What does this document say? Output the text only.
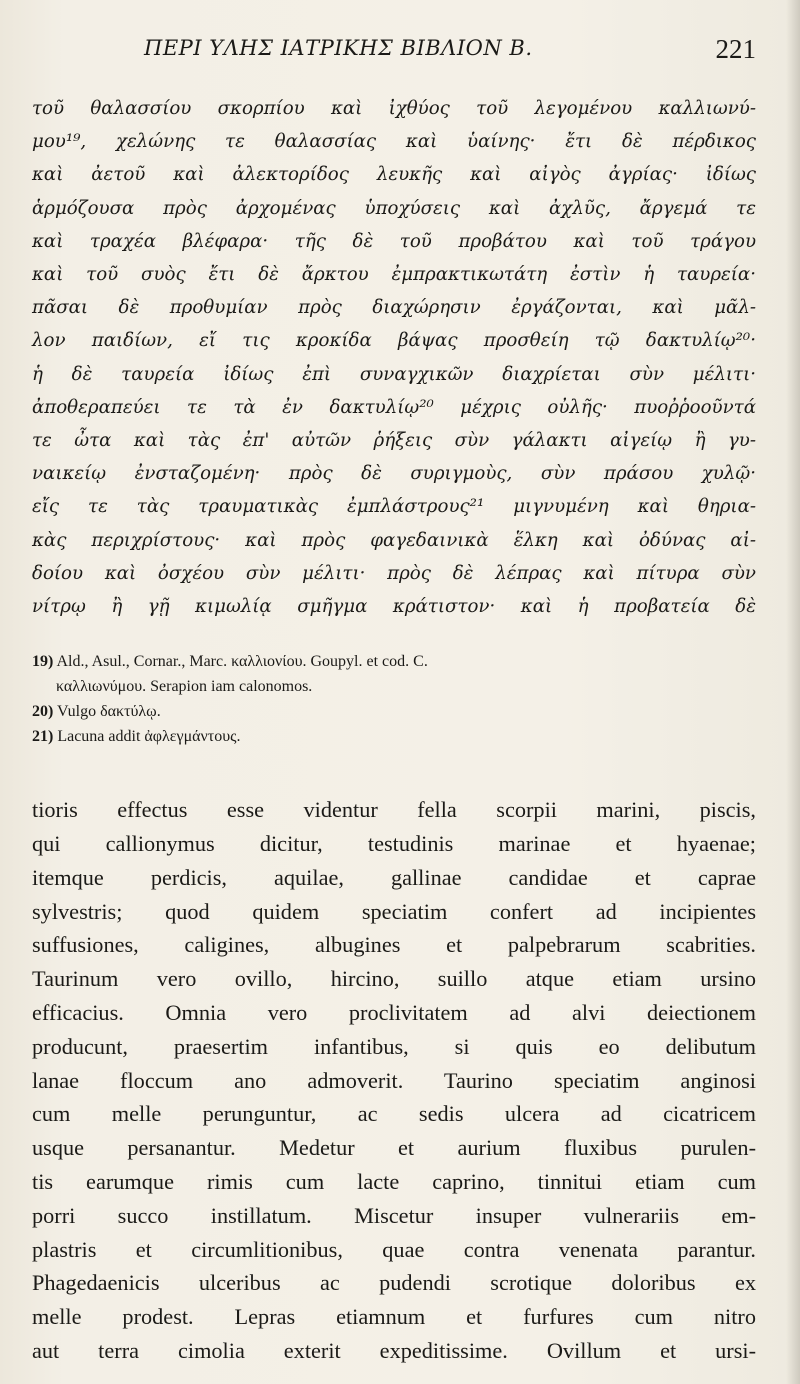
ΠΕΡΙ ΥΛΗΣ ΙΑΤΡΙΚΗΣ ΒΙΒΛΙΟΝ Β.	221
τοῦ θαλασσίου σκορπίου καὶ ἰχθύος τοῦ λεγομένου καλλιωνύ-
μου¹⁹, χελώνης τε θαλασσίας καὶ ὑαίνης· ἔτι δὲ πέρδικος
καὶ ἀετοῦ καὶ ἀλεκτορίδος λευκῆς καὶ αἰγὸς ἀγρίας· ἰδίως
ἁρμόζουσα πρὸς ἀρχομένας ὑποχύσεις καὶ ἀχλῦς, ἄργεμά τε
καὶ τραχέα βλέφαρα· τῆς δὲ τοῦ προβάτου καὶ τοῦ τράγου
καὶ τοῦ συὸς ἔτι δὲ ἄρκτου ἐμπρακτικωτάτη ἐστὶν ἡ ταυρεία·
πᾶσαι δὲ προθυμίαν πρὸς διαχώρησιν ἐργάζονται, καὶ μᾶλ-
λον παιδίων, εἴ τις κροκίδα βάψας προσθείη τῷ δακτυλίῳ²⁰·
ἡ δὲ ταυρεία ἰδίως ἐπὶ συναγχικῶν διαχρίεται σὺν μέλιτι·
ἀποθεραπεύει τε τὰ ἐν δακτυλίῳ²⁰ μέχρις οὐλῆς· πυοῤῥοοῦντά
τε ὦτα καὶ τὰς ἐπ' αὐτῶν ῥήξεις σὺν γάλακτι αἰγείῳ ἢ γυ-
ναικείῳ ἐνσταζομένη· πρὸς δὲ συριγμοὺς, σὺν πράσου χυλῷ·
εἴς τε τὰς τραυματικὰς ἐμπλάστρους²¹ μιγνυμένη καὶ θηρια-
κὰς περιχρίστους· καὶ πρὸς φαγεδαινικὰ ἕλκη καὶ ὀδύνας αἰ-
δοίου καὶ ὀσχέου σὺν μέλιτι· πρὸς δὲ λέπρας καὶ πίτυρα σὺν
νίτρῳ ἢ γῇ κιμωλίᾳ σμῆγμα κράτιστον· καὶ ἡ προβατεία δὲ
19) Ald., Asul., Cornar., Marc. καλλιονίου. Goupyl. et cod. C.
καλλιωνύμου. Serapion iam calonomos.
20) Vulgo δακτύλῳ.
21) Lacuna addit ἀφλεγμάντους.
tioris effectus esse videntur fella scorpii marini, piscis,
qui callionymus dicitur, testudinis marinae et hyaenae;
itemque perdicis, aquilae, gallinae candidae et caprae
sylvestris; quod quidem speciatim confert ad incipientes
suffusiones, caligines, albugines et palpebrarum scabrities.
Taurinum vero ovillo, hircino, suillo atque etiam ursino
efficacius. Omnia vero proclivitatem ad alvi deiectionem
producunt, praesertim infantibus, si quis eo delibutum
lanae floccum ano admoverit. Taurino speciatim anginosi
cum melle perunguntur, ac sedis ulcera ad cicatricem
usque persanantur. Medetur et aurium fluxibus purulen-
tis earumque rimis cum lacte caprino, tinnitui etiam cum
porri succo instillatum. Miscetur insuper vulnerariis em-
plastris et circumlitionibus, quae contra venenata parantur.
Phagedaenicis ulceribus ac pudendi scrotique doloribus ex
melle prodest. Lepras etiamnum et furfures cum nitro
aut terra cimolia exterit expeditissime. Ovillum et ursi-
